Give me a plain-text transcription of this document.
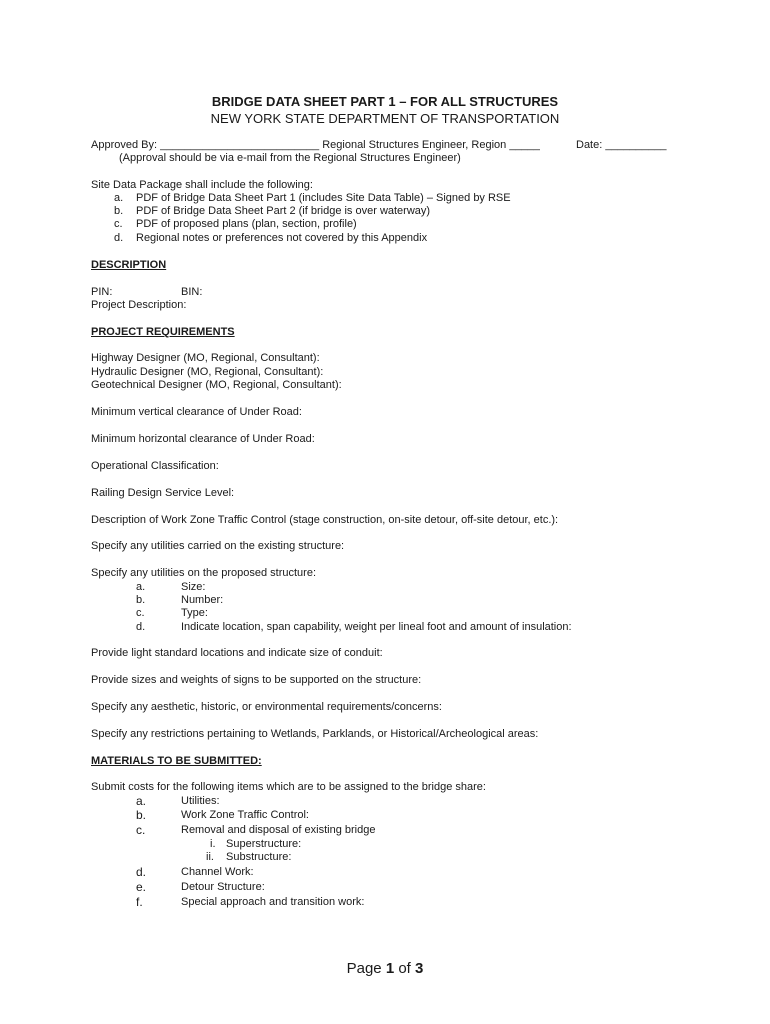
BRIDGE DATA SHEET PART 1 – FOR ALL STRUCTURES
NEW YORK STATE DEPARTMENT OF TRANSPORTATION
Approved By: __________________________ Regional Structures Engineer, Region _____	Date: __________
(Approval should be via e-mail from the Regional Structures Engineer)
Site Data Package shall include the following:
a. PDF of Bridge Data Sheet Part 1 (includes Site Data Table) – Signed by RSE
b. PDF of Bridge Data Sheet Part 2 (if bridge is over waterway)
c. PDF of proposed plans (plan, section, profile)
d. Regional notes or preferences not covered by this Appendix
DESCRIPTION
PIN:	BIN:
Project Description:
PROJECT REQUIREMENTS
Highway Designer (MO, Regional, Consultant):
Hydraulic Designer (MO, Regional, Consultant):
Geotechnical Designer (MO, Regional, Consultant):
Minimum vertical clearance of Under Road:
Minimum horizontal clearance of Under Road:
Operational Classification:
Railing Design Service Level:
Description of Work Zone Traffic Control (stage construction, on-site detour, off-site detour, etc.):
Specify any utilities carried on the existing structure:
Specify any utilities on the proposed structure:
a.	Size:
b.	Number:
c.	Type:
d.	Indicate location, span capability, weight per lineal foot and amount of insulation:
Provide light standard locations and indicate size of conduit:
Provide sizes and weights of signs to be supported on the structure:
Specify any aesthetic, historic, or environmental requirements/concerns:
Specify any restrictions pertaining to Wetlands, Parklands, or Historical/Archeological areas:
MATERIALS TO BE SUBMITTED:
Submit costs for the following items which are to be assigned to the bridge share:
a.	Utilities:
b.	Work Zone Traffic Control:
c.	Removal and disposal of existing bridge
i. Superstructure:
ii. Substructure:
d.	Channel Work:
e.	Detour Structure:
f.	Special approach and transition work:
Page 1 of 3
